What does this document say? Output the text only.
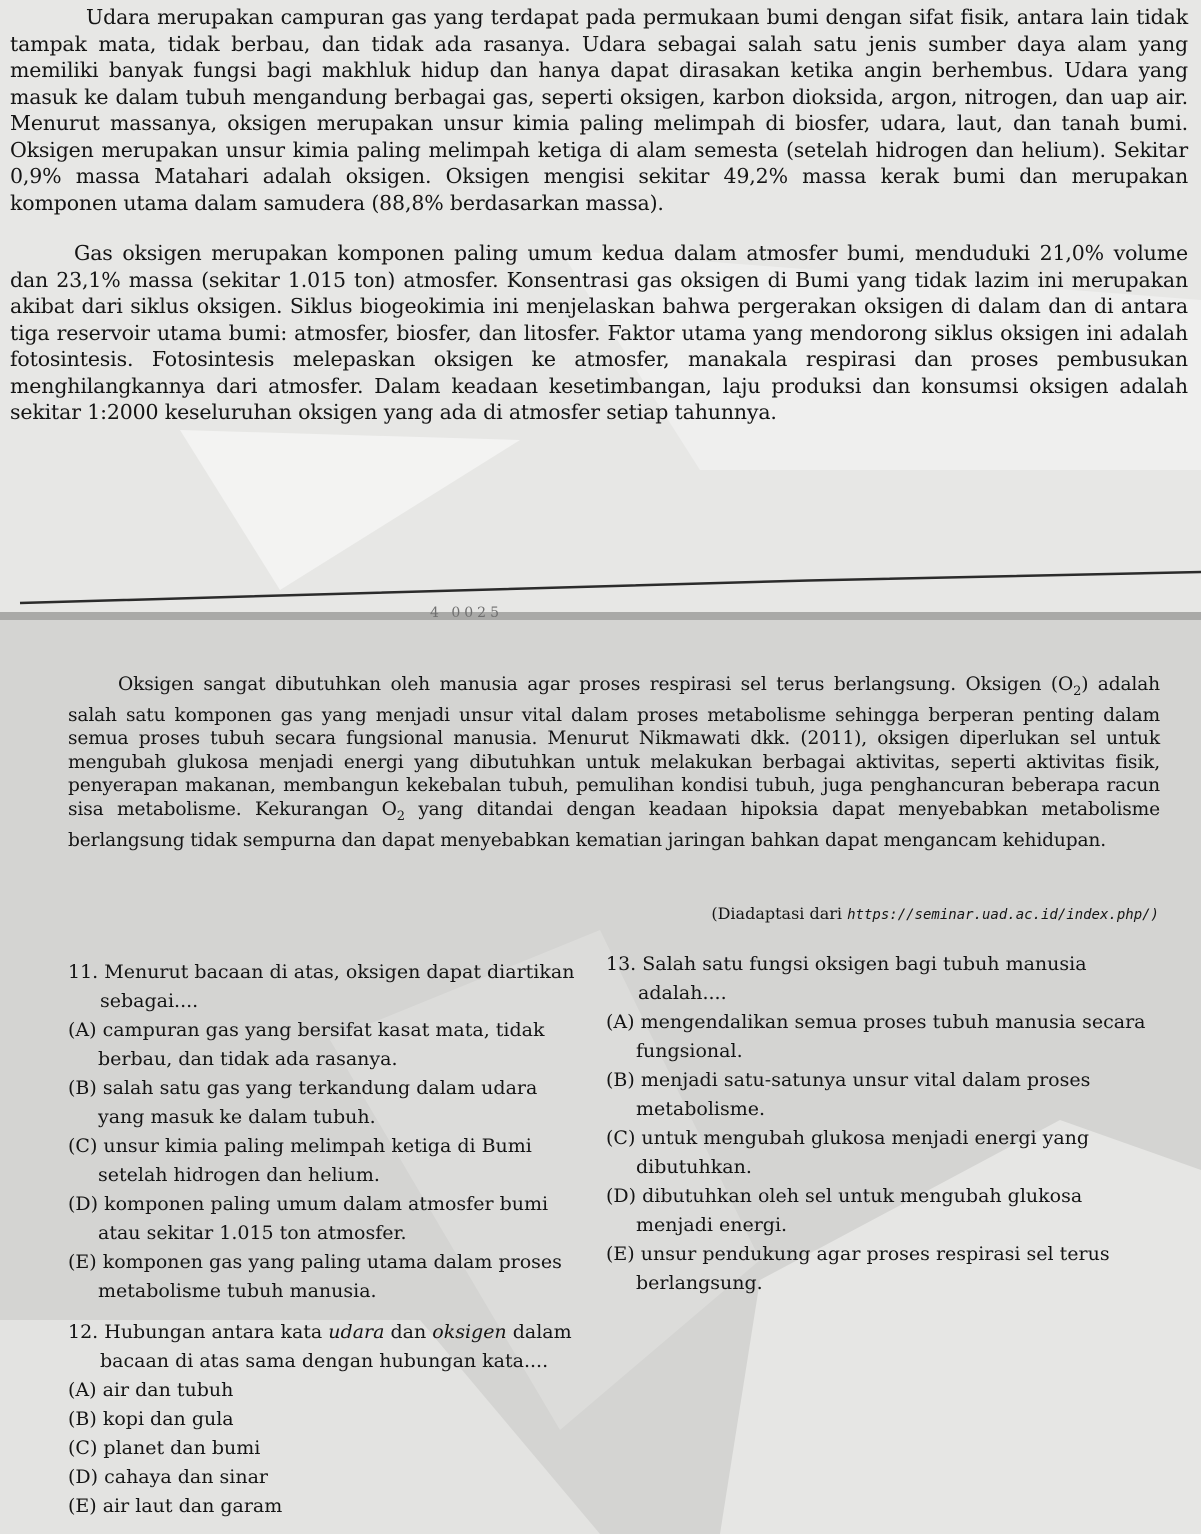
Udara merupakan campuran gas yang terdapat pada permukaan bumi dengan sifat fisik, antara lain tidak tampak mata, tidak berbau, dan tidak ada rasanya. Udara sebagai salah satu jenis sumber daya alam yang memiliki banyak fungsi bagi makhluk hidup dan hanya dapat dirasakan ketika angin berhembus. Udara yang masuk ke dalam tubuh mengandung berbagai gas, seperti oksigen, karbon dioksida, argon, nitrogen, dan uap air. Menurut massanya, oksigen merupakan unsur kimia paling melimpah di biosfer, udara, laut, dan tanah bumi. Oksigen merupakan unsur kimia paling melimpah ketiga di alam semesta (setelah hidrogen dan helium). Sekitar 0,9% massa Matahari adalah oksigen. Oksigen mengisi sekitar 49,2% massa kerak bumi dan merupakan komponen utama dalam samudera (88,8% berdasarkan massa).

Gas oksigen merupakan komponen paling umum kedua dalam atmosfer bumi, menduduki 21,0% volume dan 23,1% massa (sekitar 1.015 ton) atmosfer. Konsentrasi gas oksigen di Bumi yang tidak lazim ini merupakan akibat dari siklus oksigen. Siklus biogeokimia ini menjelaskan bahwa pergerakan oksigen di dalam dan di antara tiga reservoir utama bumi: atmosfer, biosfer, dan litosfer. Faktor utama yang mendorong siklus oksigen ini adalah fotosintesis. Fotosintesis melepaskan oksigen ke atmosfer, manakala respirasi dan proses pembusukan menghilangkannya dari atmosfer. Dalam keadaan kesetimbangan, laju produksi dan konsumsi oksigen adalah sekitar 1:2000 keseluruhan oksigen yang ada di atmosfer setiap tahunnya.

4 0025

Oksigen sangat dibutuhkan oleh manusia agar proses respirasi sel terus berlangsung. Oksigen $(O_2)$ adalah salah satu komponen gas yang menjadi unsur vital dalam proses metabolisme sehingga berperan penting dalam semua proses tubuh secara fungsional manusia. Menurut Nikmawati dkk. (2011), oksigen diperlukan sel untuk mengubah glukosa menjadi energi yang dibutuhkan untuk melakukan berbagai aktivitas, seperti aktivitas fisik, penyerapan makanan, membangun kekebalan tubuh, pemulihan kondisi tubuh, juga penghancuran beberapa racun sisa metabolisme. Kekurangan $O_2$ yang ditandai dengan keadaan hipoksia dapat menyebabkan metabolisme berlangsung tidak sempurna dan dapat menyebabkan kematian jaringan bahkan dapat mengancam kehidupan.

(Diadaptasi dari https://seminar.uad.ac.id/index.php/)

11. Menurut bacaan di atas, oksigen dapat diartikan sebagai....

(A) campuran gas yang bersifat kasat mata, tidak berbau, dan tidak ada rasanya.

(B) salah satu gas yang terkandung dalam udara yang masuk ke dalam tubuh.

(C) unsur kimia paling melimpah ketiga di Bumi setelah hidrogen dan helium.

(D) komponen paling umum dalam atmosfer bumi atau sekitar 1.015 ton atmosfer.

(E) komponen gas yang paling utama dalam proses metabolisme tubuh manusia.

13. Salah satu fungsi oksigen bagi tubuh manusia adalah....

(A) mengendalikan semua proses tubuh manusia secara fungsional.

(B) menjadi satu-satunya unsur vital dalam proses metabolisme.

(C) untuk mengubah glukosa menjadi energi yang dibutuhkan.

(D) dibutuhkan oleh sel untuk mengubah glukosa menjadi energi.

(E) unsur pendukung agar proses respirasi sel terus berlangsung.

12. Hubungan antara kata udara dan oksigen dalam bacaan di atas sama dengan hubungan kata....

(A) air dan tubuh

(B) kopi dan gula

(C) planet dan bumi

(D) cahaya dan sinar

(E) air laut dan garam
